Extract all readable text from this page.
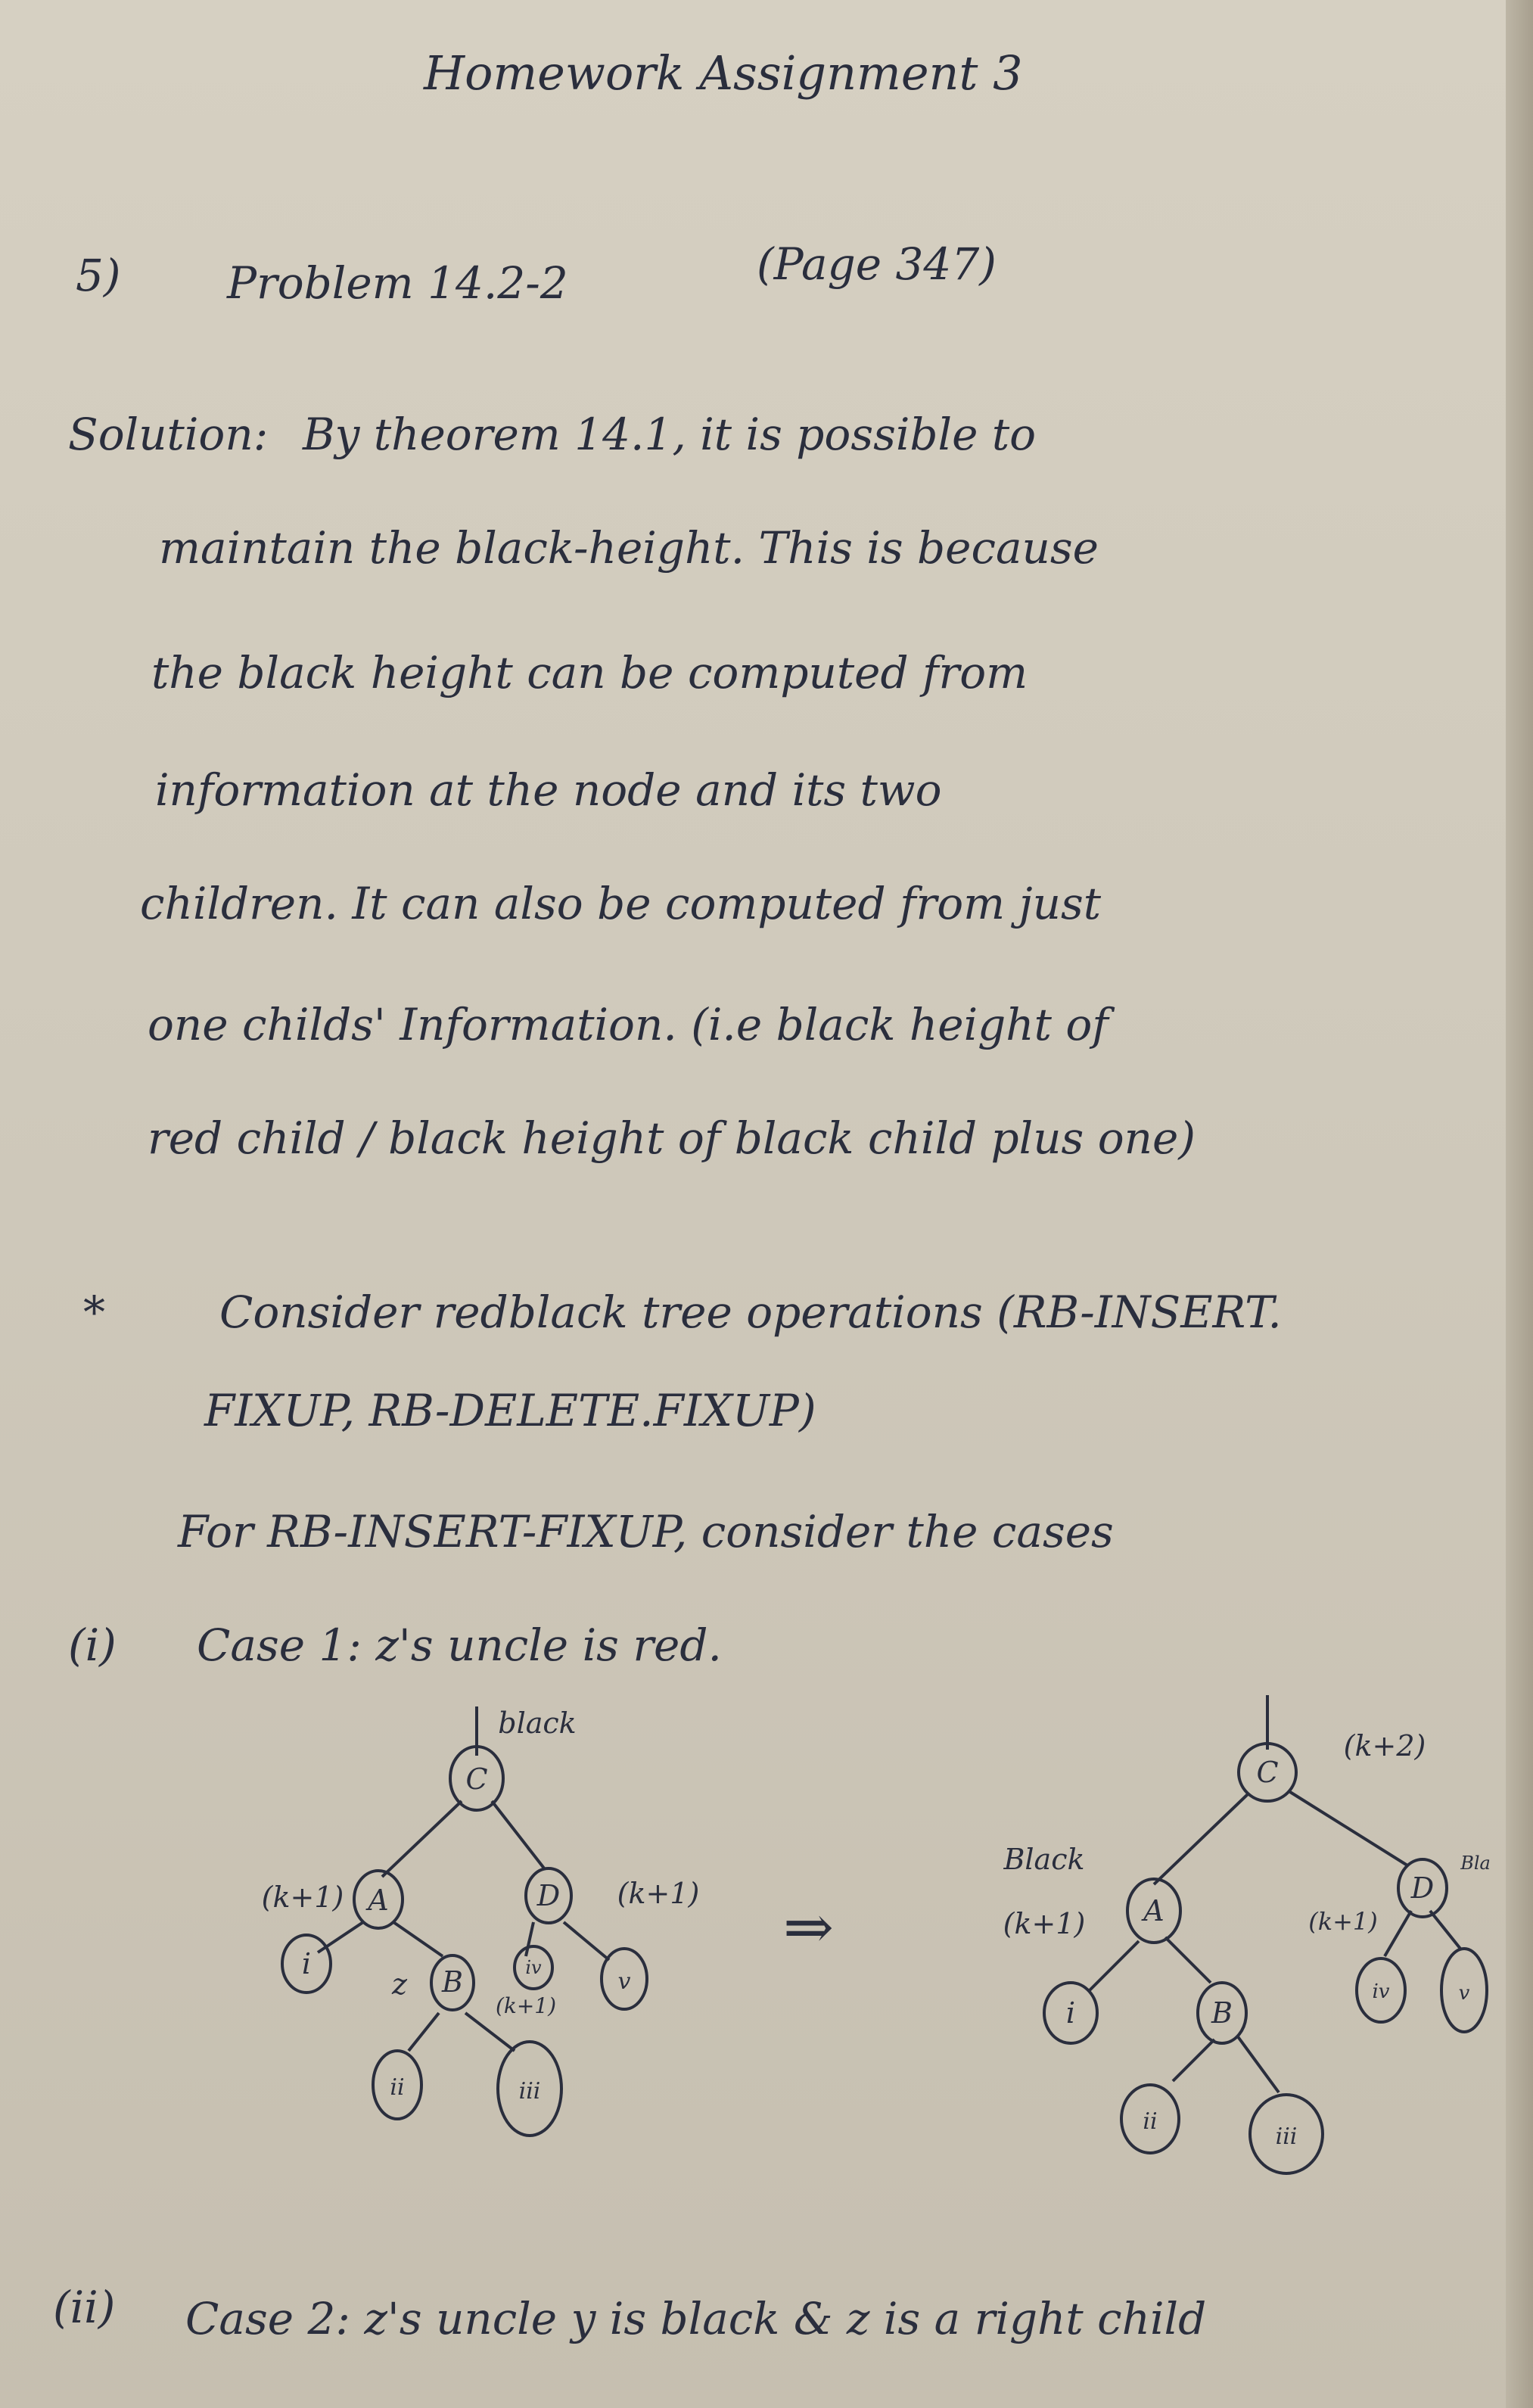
Homework Assignment 3
5) Problem 14.2-2	(Page 347)
Solution: By theorem 14.1, it is possible to
maintain the black-height. This is because
the black height can be computed from
information at the node and its two
children. It can also be computed from just
one childs' Information. (i.e black height of
red child / black height of black child plus one)
*	Consider redblack tree operations (RB-INSERT.
FIXUP, RB-DELETE.FIXUP)
For RB-INSERT-FIXUP, consider the cases
(i) Case 1: z's uncle is red.
C
black
A
(k+1)	D (k+1)
B
(k+1)
z
i
ii	iii
iv
v
⇒
C
(k+2)
A
Black
(k+1)
D
(k+1)
Bla
B
i
ii
iii
iv	v
(ii) Case 2: z's uncle y is black & z is a right child
